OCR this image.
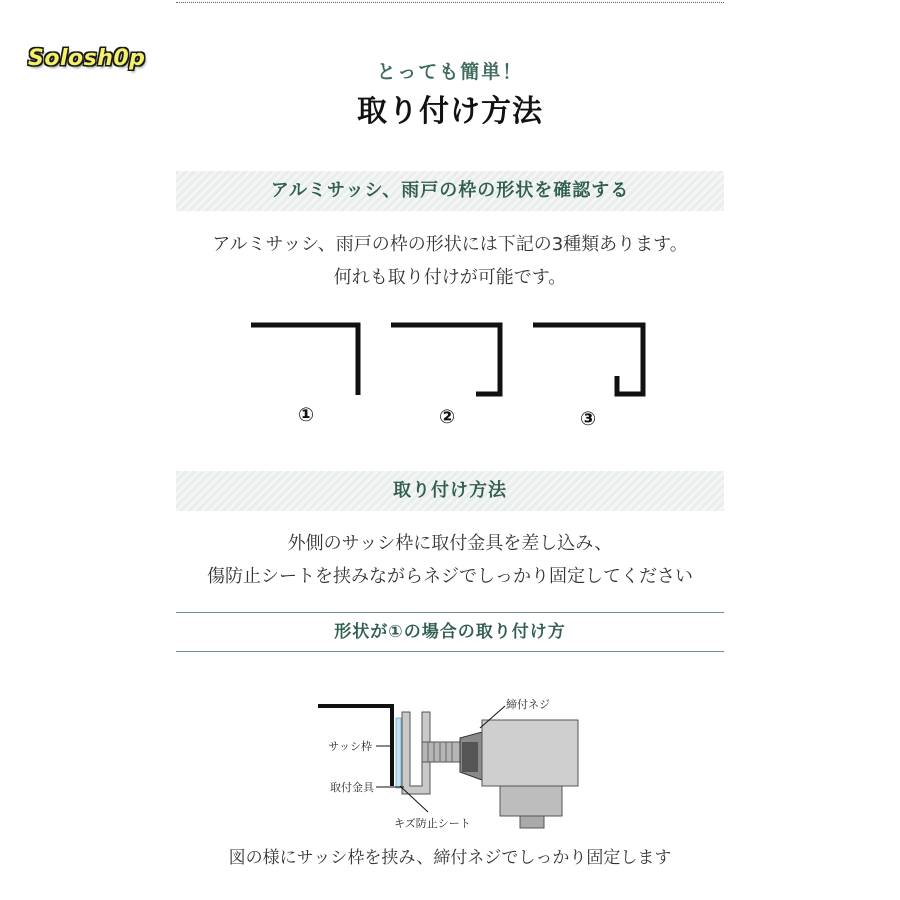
Solosh0p
とっても簡単！
取り付け方法
アルミサッシ、雨戸の枠の形状を確認する
アルミサッシ、雨戸の枠の形状には下記の3種類あります。
何れも取り付けが可能です。
①	②	③
取り付け方法
外側のサッシ枠に取付金具を差し込み、
傷防止シートを挟みながらネジでしっかり固定してください
形状が①の場合の取り付け方
サッシ枠
取付金具
締付ネジ
キズ防止シート
図の様にサッシ枠を挟み、締付ネジでしっかり固定します
